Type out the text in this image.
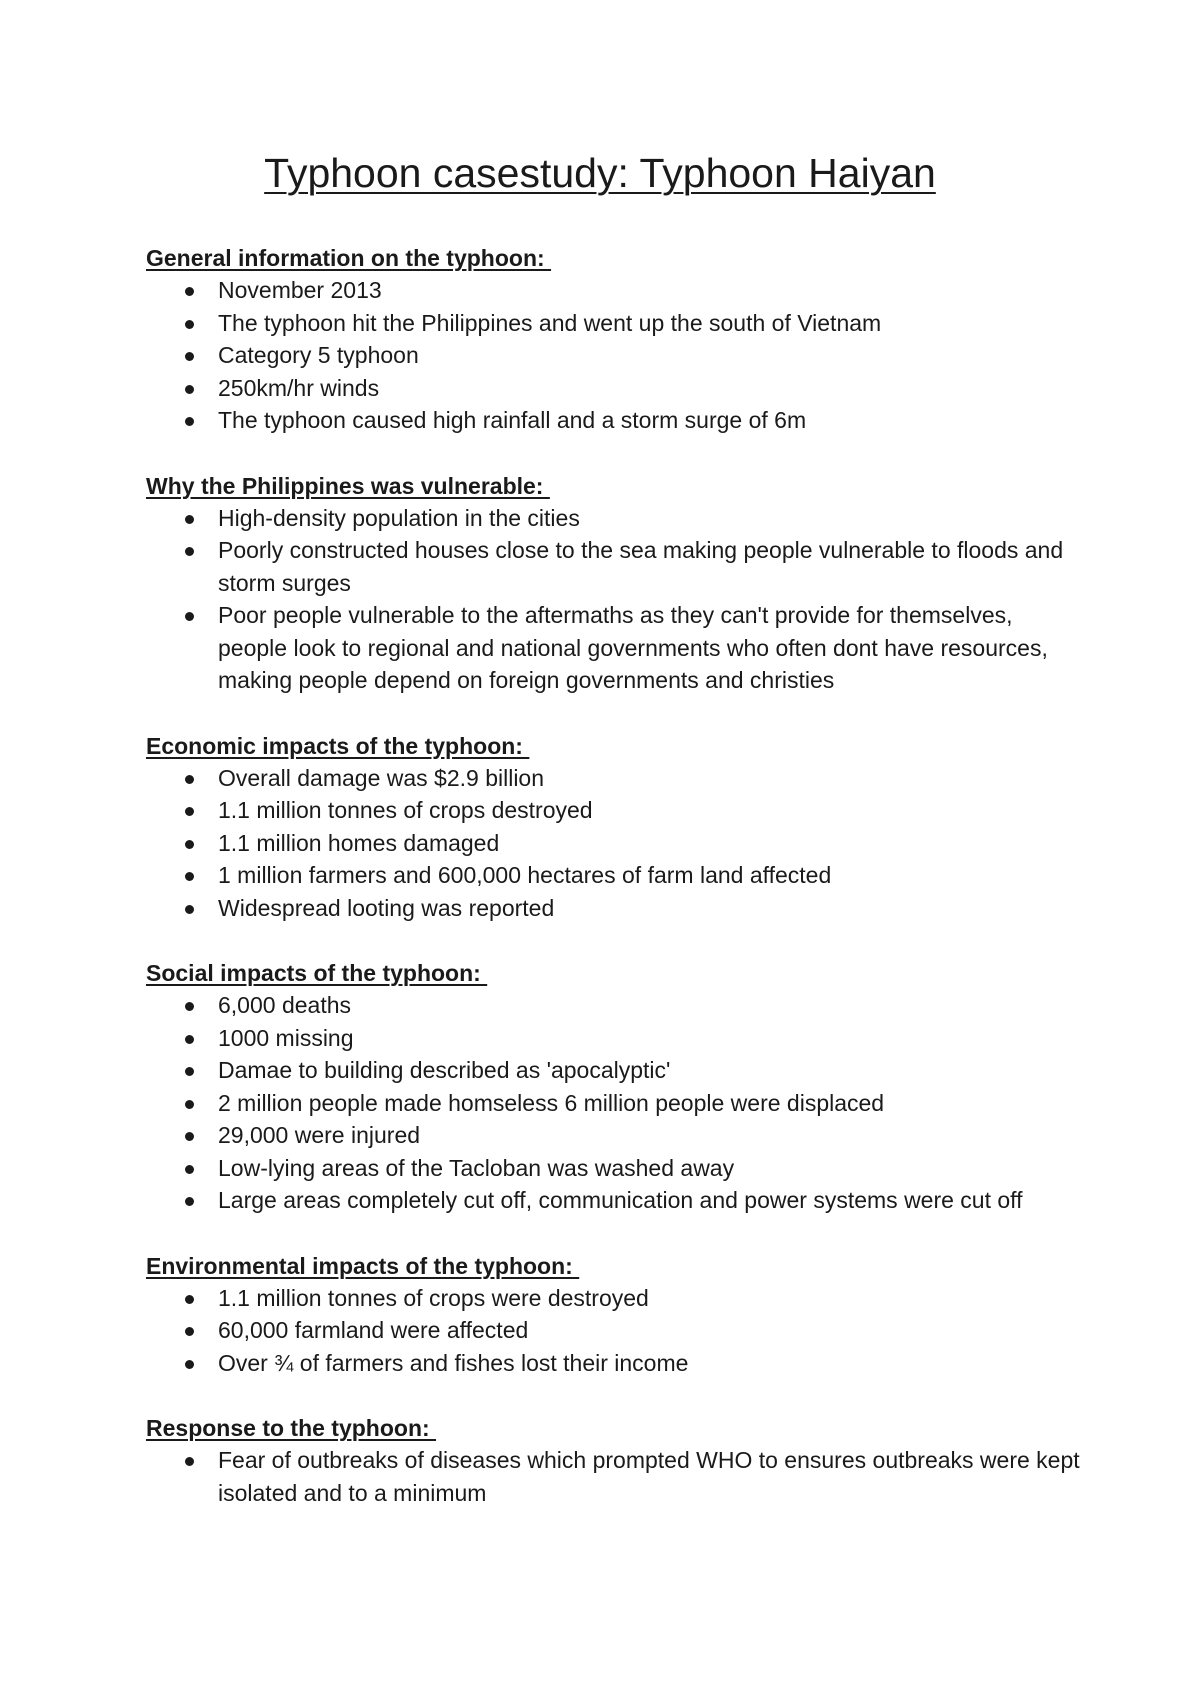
Typhoon casestudy: Typhoon Haiyan
General information on the typhoon:
November 2013
The typhoon hit the Philippines and went up the south of Vietnam
Category 5 typhoon
250km/hr winds
The typhoon caused high rainfall and a storm surge of 6m
Why the Philippines was vulnerable:
High-density population in the cities
Poorly constructed houses close to the sea making people vulnerable to floods and storm surges
Poor people vulnerable to the aftermaths as they can't provide for themselves, people look to regional and national governments who often dont have resources, making people depend on foreign governments and christies
Economic impacts of the typhoon:
Overall damage was $2.9 billion
1.1 million tonnes of crops destroyed
1.1 million homes damaged
1 million farmers and 600,000 hectares of farm land affected
Widespread looting was reported
Social impacts of the typhoon:
6,000 deaths
1000 missing
Damae to building described as 'apocalyptic'
2 million people made homseless 6 million people were displaced
29,000 were injured
Low-lying areas of the Tacloban was washed away
Large areas completely cut off, communication and power systems were cut off
Environmental impacts of the typhoon:
1.1 million tonnes of crops were destroyed
60,000 farmland were affected
Over ¾ of farmers and fishes lost their income
Response to the typhoon:
Fear of outbreaks of diseases which prompted WHO to ensures outbreaks were kept isolated and to a minimum
